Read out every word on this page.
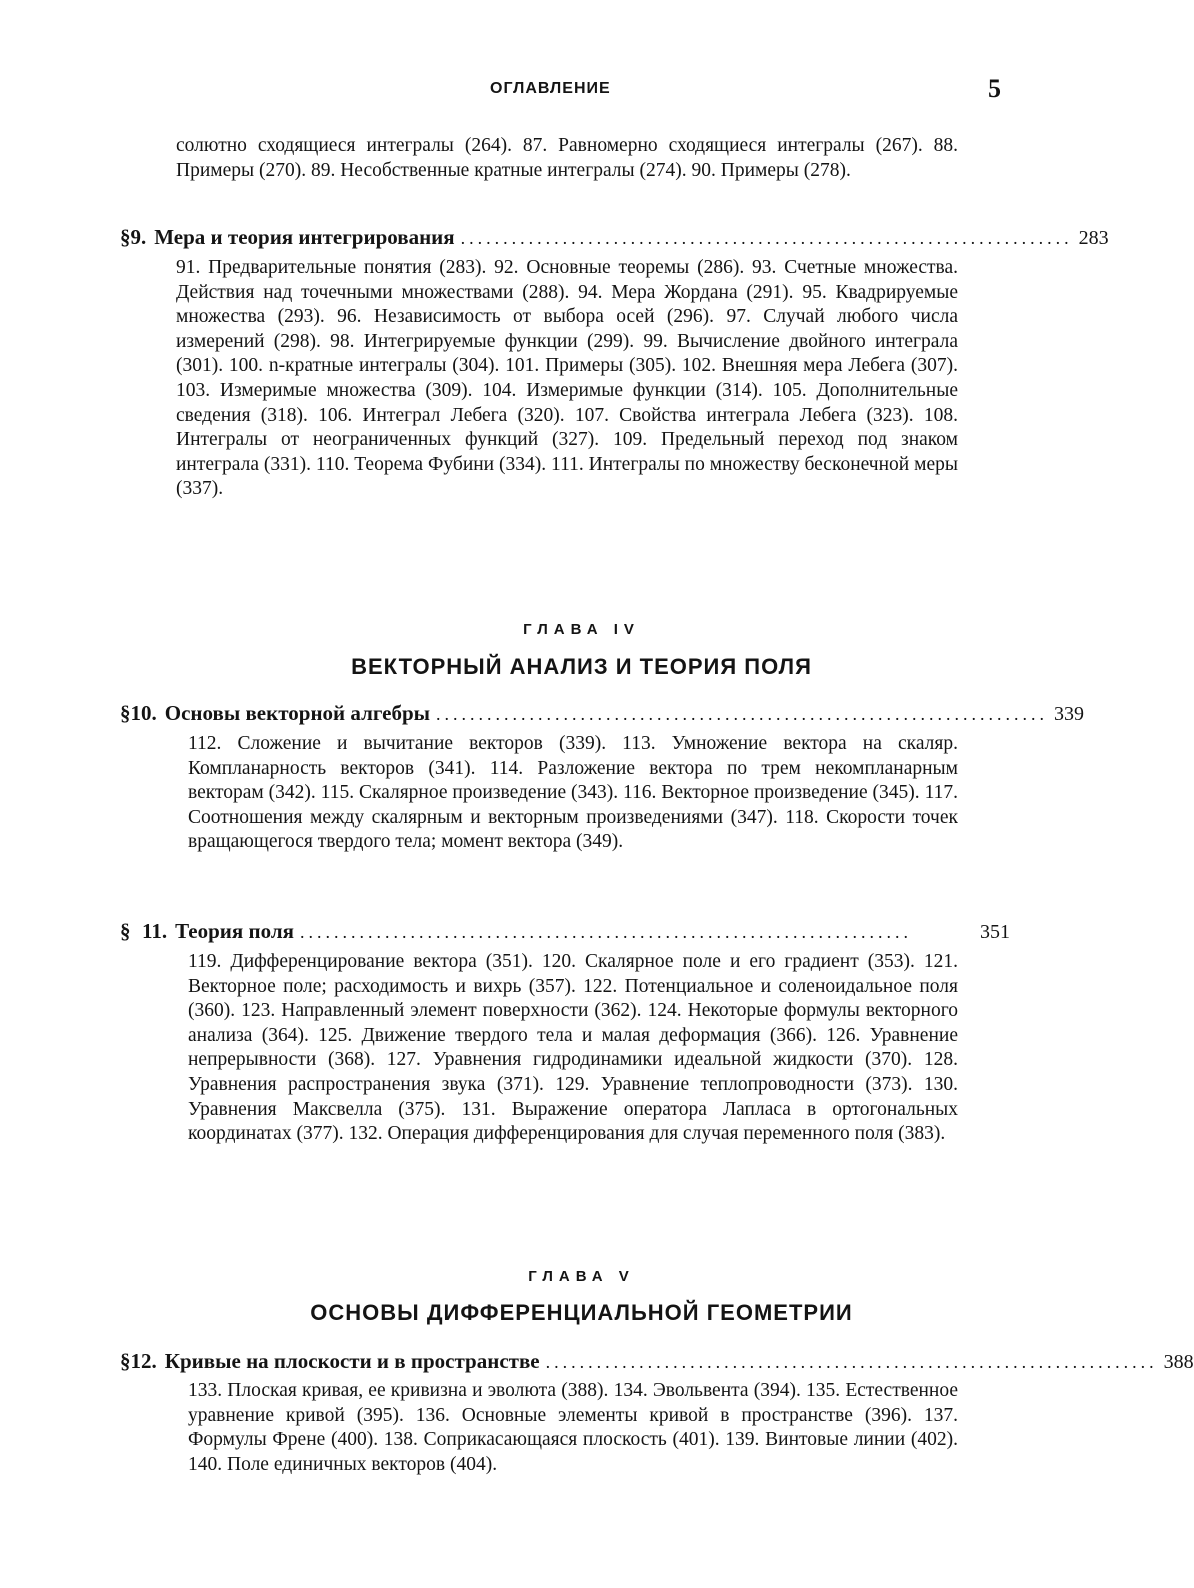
ОГЛАВЛЕНИЕ	5
солютно сходящиеся интегралы (264). 87. Равномерно сходящиеся интегралы (267). 88. Примеры (270). 89. Несобственные кратные интегралы (274). 90. Примеры (278).
§ 9. Мера и теория интегрирования ........................................................................ 283
91. Предварительные понятия (283). 92. Основные теоремы (286). 93. Счетные множества. Действия над точечными множествами (288). 94. Мера Жордана (291). 95. Квадрируемые множества (293). 96. Независимость от выбора осей (296). 97. Случай любого числа измерений (298). 98. Интегрируемые функции (299). 99. Вычисление двойного интеграла (301). 100. n-кратные интегралы (304). 101. Примеры (305). 102. Внешняя мера Лебега (307). 103. Измеримые множества (309). 104. Измеримые функции (314). 105. Дополнительные сведения (318). 106. Интеграл Лебега (320). 107. Свойства интеграла Лебега (323). 108. Интегралы от неограниченных функций (327). 109. Предельный переход под знаком интеграла (331). 110. Теорема Фубини (334). 111. Интегралы по множеству бесконечной меры (337).
ГЛАВА IV
ВЕКТОРНЫЙ АНАЛИЗ И ТЕОРИЯ ПОЛЯ
§ 10. Основы векторной алгебры ........................................................................ 339
112. Сложение и вычитание векторов (339). 113. Умножение вектора на скаляр. Компланарность векторов (341). 114. Разложение вектора по трем некомпланарным векторам (342). 115. Скалярное произведение (343). 116. Векторное произведение (345). 117. Соотношения между скалярным и векторным произведениями (347). 118. Скорости точек вращающегося твердого тела; момент вектора (349).
§ 11. Теория поля ........................................................................	351
119. Дифференцирование вектора (351). 120. Скалярное поле и его градиент (353). 121. Векторное поле; расходимость и вихрь (357). 122. Потенциальное и соленоидальное поля (360). 123. Направленный элемент поверхности (362). 124. Некоторые формулы векторного анализа (364). 125. Движение твердого тела и малая деформация (366). 126. Уравнение непрерывности (368). 127. Уравнения гидродинамики идеальной жидкости (370). 128. Уравнения распространения звука (371). 129. Уравнение теплопроводности (373). 130. Уравнения Максвелла (375). 131. Выражение оператора Лапласа в ортогональных координатах (377). 132. Операция дифференцирования для случая переменного поля (383).
ГЛАВА V
ОСНОВЫ ДИФФЕРЕНЦИАЛЬНОЙ ГЕОМЕТРИИ
§ 12. Кривые на плоскости и в пространстве ........................................................................ 388
133. Плоская кривая, ее кривизна и эволюта (388). 134. Эвольвента (394). 135. Естественное уравнение кривой (395). 136. Основные элементы кривой в пространстве (396). 137. Формулы Френе (400). 138. Соприкасающаяся плоскость (401). 139. Винтовые линии (402). 140. Поле единичных векторов (404).
